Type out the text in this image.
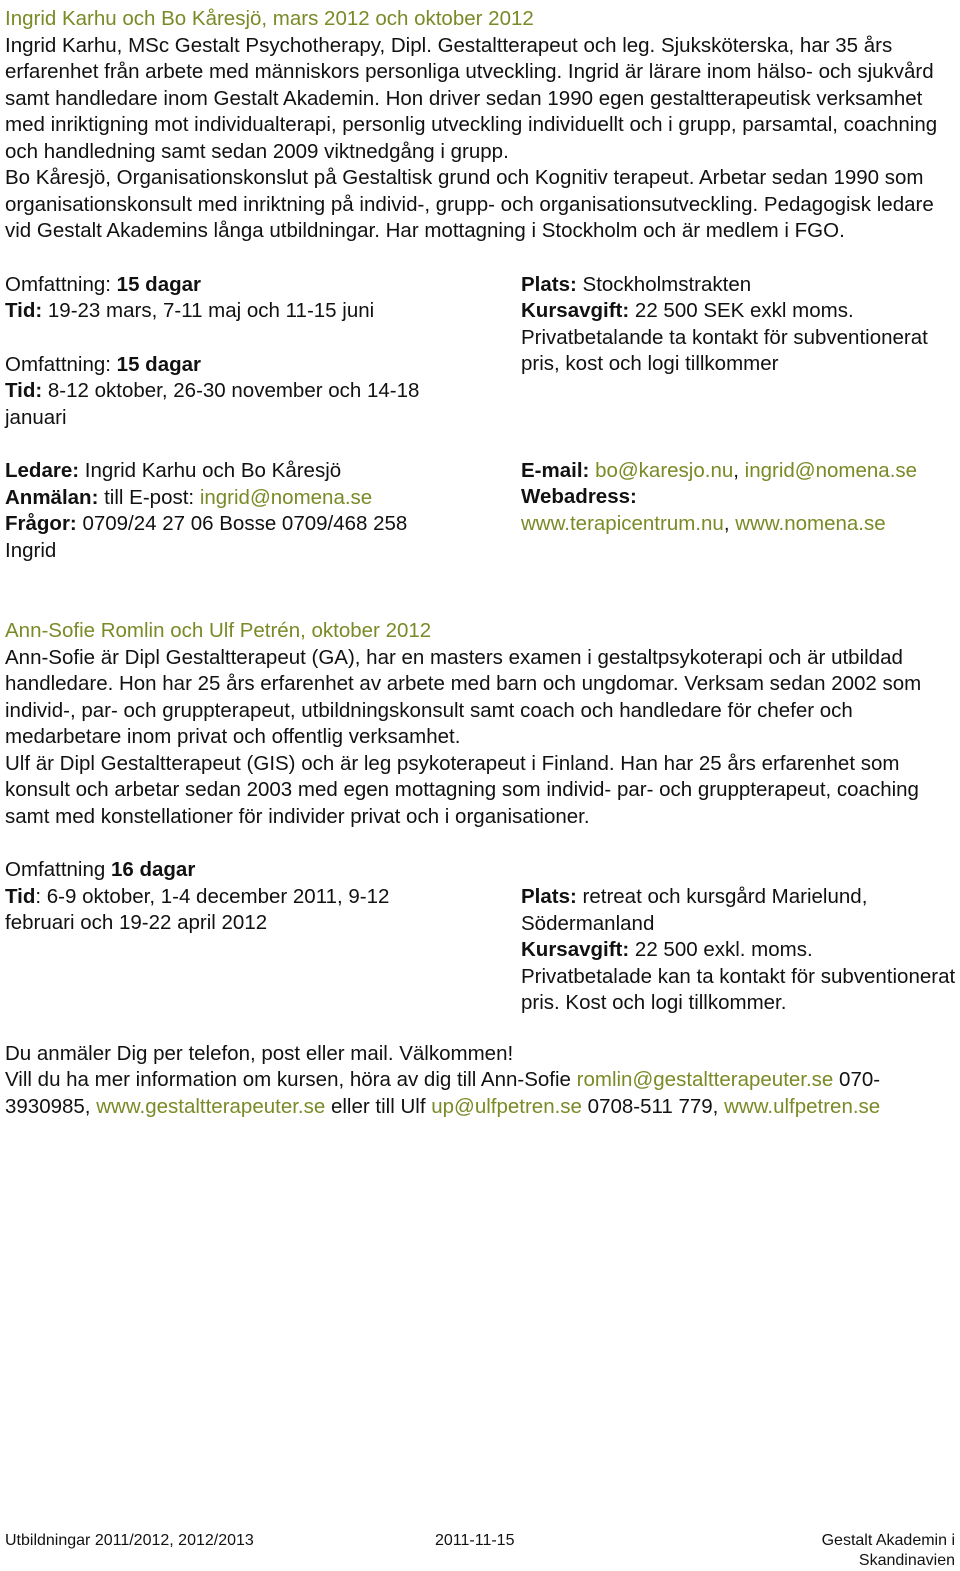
Ingrid Karhu och Bo Kåresjö, mars 2012 och oktober 2012

Ingrid Karhu, MSc Gestalt Psychotherapy, Dipl. Gestaltterapeut och leg. Sjuksköterska, har 35 års erfarenhet från arbete med människors personliga utveckling. Ingrid är lärare inom hälso- och sjukvård samt handledare inom Gestalt Akademin. Hon driver sedan 1990 egen gestaltterapeutisk verksamhet med inriktigning mot individualterapi, personlig utveckling individuellt och i grupp, parsamtal, coachning och handledning samt sedan 2009 viktnedgång i grupp.

Bo Kåresjö, Organisationskonslut på Gestaltisk grund och Kognitiv terapeut. Arbetar sedan 1990 som organisationskonsult med inriktning på individ-, grupp- och organisationsutveckling. Pedagogisk ledare vid Gestalt Akademins långa utbildningar. Har mottagning i Stockholm och är medlem i FGO.

Omfattning: 15 dagar

Tid: 19-23 mars, 7-11 maj och 11-15 juni

Omfattning: 15 dagar

Tid: 8-12 oktober, 26-30 november och 14-18 januari

Ledare: Ingrid Karhu och Bo Kåresjö

Anmälan: till E-post: ingrid@nomena.se

Frågor: 0709/24 27 06 Bosse 0709/468 258 Ingrid

Plats: Stockholmstrakten

Kursavgift: 22 500 SEK exkl moms.

Privatbetalande ta kontakt för subventionerat pris, kost och logi tillkommer

E-mail: bo@karesjo.nu, ingrid@nomena.se

Webadress:

www.terapicentrum.nu, www.nomena.se

Ann-Sofie Romlin och Ulf Petrén, oktober 2012

Ann-Sofie är Dipl Gestaltterapeut (GA), har en masters examen i gestaltpsykoterapi och är utbildad handledare. Hon har 25 års erfarenhet av arbete med barn och ungdomar. Verksam sedan 2002 som individ-, par- och gruppterapeut, utbildningskonsult samt coach och handledare för chefer och medarbetare inom privat och offentlig verksamhet.

Ulf är Dipl Gestaltterapeut (GIS) och är leg psykoterapeut i Finland. Han har 25 års erfarenhet som konsult och arbetar sedan 2003 med egen mottagning som individ- par- och gruppterapeut, coaching samt med konstellationer för individer privat och i organisationer.

Omfattning 16 dagar

Tid: 6-9 oktober, 1-4 december 2011, 9-12 februari och 19-22 april 2012

Plats: retreat och kursgård Marielund, Södermanland

Kursavgift: 22 500 exkl. moms.

Privatbetalade kan ta kontakt för subventionerat pris. Kost och logi tillkommer.

Du anmäler Dig per telefon, post eller mail. Välkommen!

Vill du ha mer information om kursen, höra av dig till Ann-Sofie romlin@gestaltterapeuter.se 070-3930985, www.gestaltterapeuter.se eller till Ulf up@ulfpetren.se 0708-511 779, www.ulfpetren.se

Utbildningar 2011/2012, 2012/2013	2011-11-15	Gestalt Akademin i Skandinavien
